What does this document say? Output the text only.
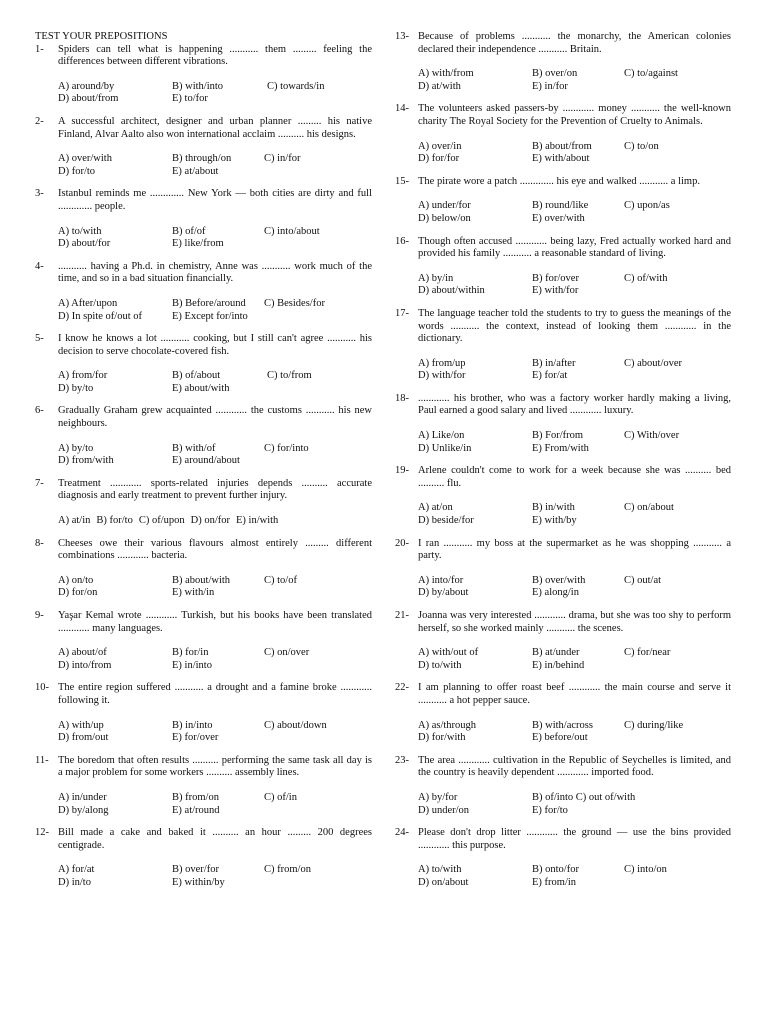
TEST YOUR PREPOSITIONS
1-	Spiders can tell what is happening ........... them ......... feeling the differences between different vibrations.
A) around/by	B) with/into	C) towards/in
D) about/from	E) to/for
2-	A successful architect, designer and urban planner ......... his native Finland, Alvar Aalto also won international acclaim .......... his designs.
A) over/with	B) through/on	C) in/for
D) for/to	E) at/about
3-	Istanbul reminds me ............. New York — both cities are dirty and full ............. people.
A) to/with	B) of/of	C) into/about
D) about/for	E) like/from
4-	........... having a Ph.d. in chemistry, Anne was ........... work much of the time, and so in a bad situation financially.
A) After/upon	B) Before/around	C) Besides/for
D) In spite of/out of	E) Except for/into
5-	I know he knows a lot ........... cooking, but I still can't agree ........... his decision to serve chocolate-covered fish.
A) from/for	B) of/about	C) to/from
D) by/to	E) about/with
6-	Gradually Graham grew acquainted ............ the customs ........... his new neighbours.
A) by/to	B) with/of	C) for/into
D) from/with	E) around/about
7-	Treatment ............ sports-related injuries depends .......... accurate diagnosis and early treatment to prevent further injury.
A) at/in B) for/to C) of/upon D) on/for E) in/with
8-	Cheeses owe their various flavours almost entirely ......... different combinations ............ bacteria.
A) on/to	B) about/with	C) to/of
D) for/on	E) with/in
9-	Yaşar Kemal wrote ............ Turkish, but his books have been translated ............ many languages.
A) about/of	B) for/in	C) on/over
D) into/from	E) in/into
10- The entire region suffered ........... a drought and a famine broke ............ following it.
A) with/up	B) in/into	C) about/down
D) from/out	E) for/over
11- The boredom that often results .......... performing the same task all day is a major problem for some workers .......... assembly lines.
A) in/under	B) from/on	C) of/in
D) by/along	E) at/round
12- Bill made a cake and baked it .......... an hour ......... 200 degrees centigrade.
A) for/at	B) over/for	C) from/on
D) in/to	E) within/by
13- Because of problems ........... the monarchy, the American colonies declared their independence ........... Britain.
A) with/from	B) over/on	C) to/against
D) at/with	E) in/for
14- The volunteers asked passers-by ............ money ........... the well-known charity The Royal Society for the Prevention of Cruelty to Animals.
A) over/in	B) about/from	C) to/on
D) for/for	E) with/about
15- The pirate wore a patch ............. his eye and walked ........... a limp.
A) under/for	B) round/like	C) upon/as
D) below/on	E) over/with
16- Though often accused ............ being lazy, Fred actually worked hard and provided his family ........... a reasonable standard of living.
A) by/in	B) for/over	C) of/with
D) about/within	E) with/for
17- The language teacher told the students to try to guess the meanings of the words ........... the context, instead of looking them ............ in the dictionary.
A) from/up	B) in/after	C) about/over
D) with/for	E) for/at
18- ............ his brother, who was a factory worker hardly making a living, Paul earned a good salary and lived ............ luxury.
A) Like/on	B) For/from	C) With/over
D) Unlike/in	E) From/with
19- Arlene couldn't come to work for a week because she was .......... bed .......... flu.
A) at/on	B) in/with	C) on/about
D) beside/for	E) with/by
20- I ran ........... my boss at the supermarket as he was shopping ........... a party.
A) into/for	B) over/with	C) out/at
D) by/about	E) along/in
21- Joanna was very interested ............ drama, but she was too shy to perform herself, so she worked mainly ........... the scenes.
A) with/out of	B) at/under	C) for/near
D) to/with	E) in/behind
22- I am planning to offer roast beef ............ the main course and serve it ........... a hot pepper sauce.
A) as/through	B) with/across	C) during/like
D) for/with	E) before/out
23- The area ............ cultivation in the Republic of Seychelles is limited, and the country is heavily dependent ............ imported food.
A) by/for	B) of/into C) out of/with
D) under/on	E) for/to
24- Please don't drop litter ............ the ground — use the bins provided ............ this purpose.
A) to/with	B) onto/for	C) into/on
D) on/about	E) from/in
